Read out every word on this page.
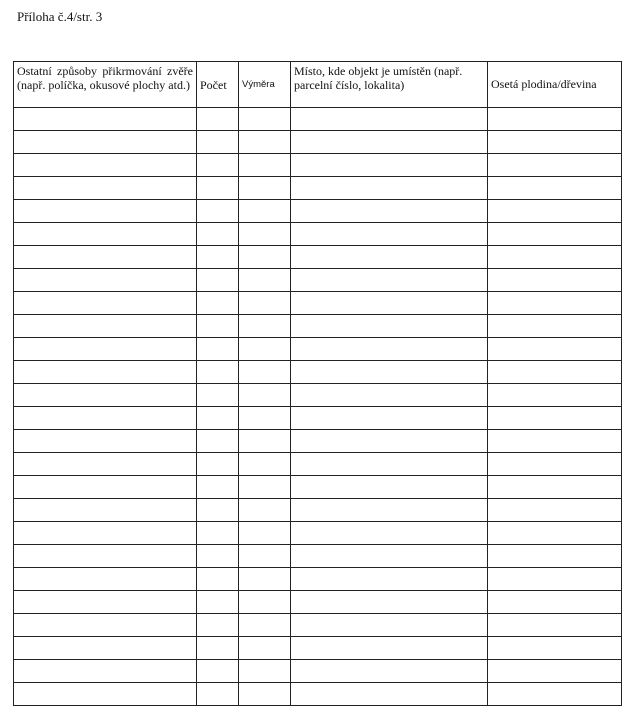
Příloha č.4/str. 3
Ostatní způsoby přikrmování zvěře (např. políčka, okusové plochy atd.)	Počet	Výměra	Místo, kde objekt je umístěn (např. parcelní číslo, lokalita)	Osetá plodina/dřevina
